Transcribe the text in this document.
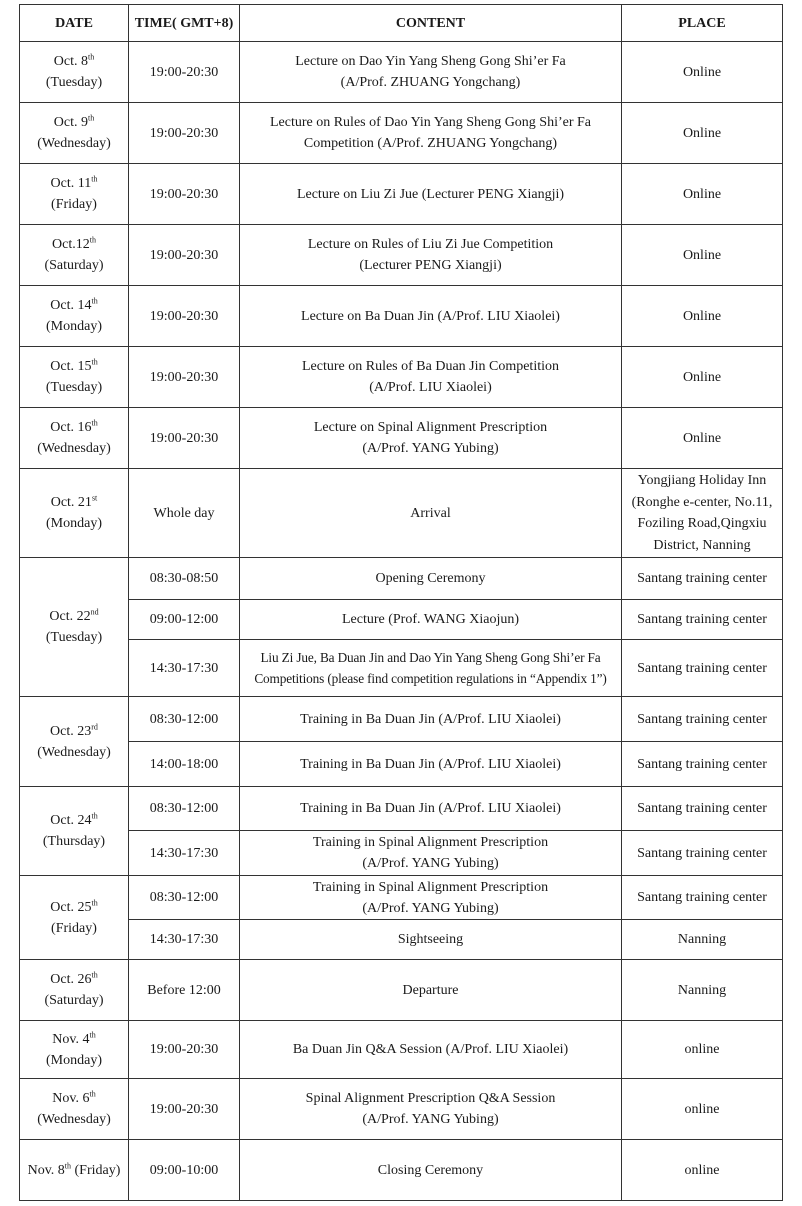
DATE	TIME( GMT+8)	CONTENT	PLACE

Oct. 8th
(Tuesday)	19:00-20:30	Lecture on Dao Yin Yang Sheng Gong Shi’er Fa
(A/Prof. ZHUANG Yongchang)	Online

Oct. 9th
(Wednesday)	19:00-20:30	Lecture on Rules of Dao Yin Yang Sheng Gong Shi’er Fa
Competition (A/Prof. ZHUANG Yongchang)	Online

Oct. 11th
(Friday)	19:00-20:30	Lecture on Liu Zi Jue (Lecturer PENG Xiangji)	Online

Oct.12th
(Saturday)	19:00-20:30	Lecture on Rules of Liu Zi Jue Competition
(Lecturer PENG Xiangji)	Online

Oct. 14th
(Monday)	19:00-20:30	Lecture on Ba Duan Jin (A/Prof. LIU Xiaolei)	Online

Oct. 15th
(Tuesday)	19:00-20:30	Lecture on Rules of Ba Duan Jin Competition
(A/Prof. LIU Xiaolei)	Online

Oct. 16th
(Wednesday)	19:00-20:30	Lecture on Spinal Alignment Prescription
(A/Prof. YANG Yubing)	Online

Oct. 21st
(Monday)	Whole day	Arrival	Yongjiang Holiday Inn
(Ronghe e-center, No.11,
Foziling Road,Qingxiu
District, Nanning

Oct. 22nd
(Tuesday)	08:30-08:50	Opening Ceremony	Santang training center

	09:00-12:00	Lecture (Prof. WANG Xiaojun)	Santang training center

	14:30-17:30	Liu Zi Jue, Ba Duan Jin and Dao Yin Yang Sheng Gong Shi’er Fa
Competitions (please find competition regulations in “Appendix 1”)	Santang training center

Oct. 23rd
(Wednesday)	08:30-12:00	Training in Ba Duan Jin (A/Prof. LIU Xiaolei)	Santang training center

	14:00-18:00	Training in Ba Duan Jin (A/Prof. LIU Xiaolei)	Santang training center

Oct. 24th
(Thursday)	08:30-12:00	Training in Ba Duan Jin (A/Prof. LIU Xiaolei)	Santang training center

	14:30-17:30	Training in Spinal Alignment Prescription
(A/Prof. YANG Yubing)	Santang training center

Oct. 25th
(Friday)	08:30-12:00	Training in Spinal Alignment Prescription
(A/Prof. YANG Yubing)	Santang training center

	14:30-17:30	Sightseeing	Nanning

Oct. 26th
(Saturday)	Before 12:00	Departure	Nanning

Nov. 4th
(Monday)	19:00-20:30	Ba Duan Jin Q&A Session (A/Prof. LIU Xiaolei)	online

Nov. 6th
(Wednesday)	19:00-20:30	Spinal Alignment Prescription Q&A Session
(A/Prof. YANG Yubing)	online

Nov. 8th (Friday)	09:00-10:00	Closing Ceremony	online
